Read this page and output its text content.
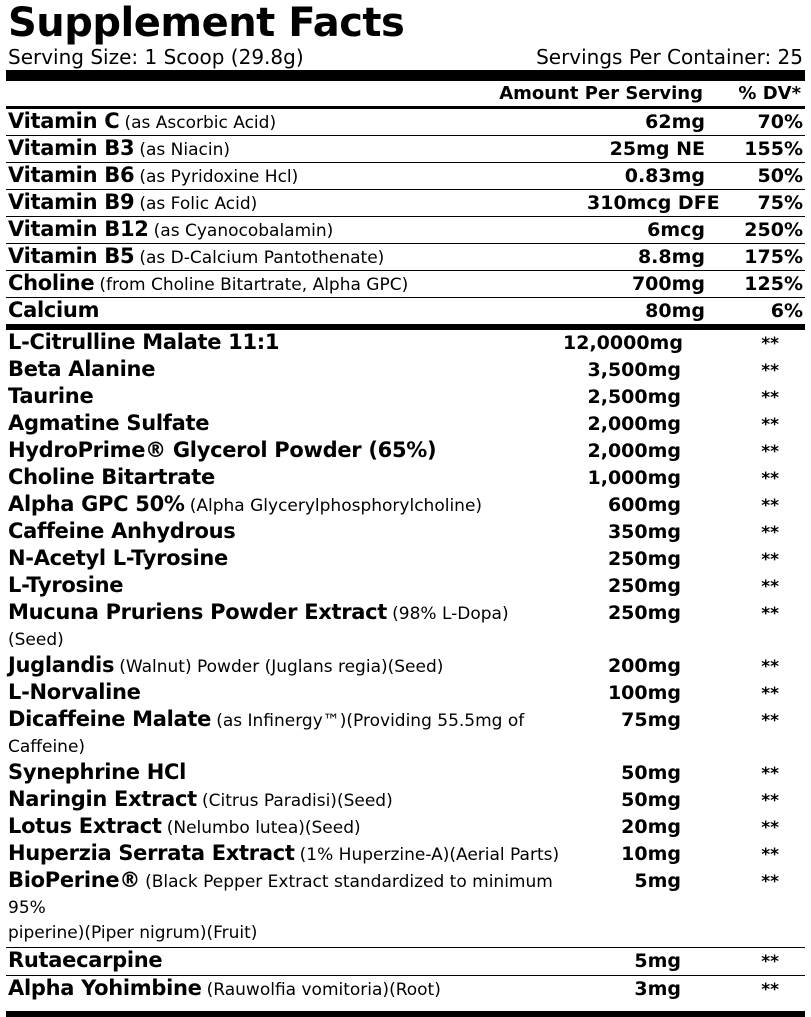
Supplement Facts
Serving Size: 1 Scoop (29.8g)	Servings Per Container: 25
Amount Per Serving	% DV*
Vitamin C (as Ascorbic Acid)	62mg	70%
Vitamin B3 (as Niacin)	25mg NE	155%
Vitamin B6 (as Pyridoxine Hcl)	0.83mg	50%
Vitamin B9 (as Folic Acid)	310mcg DFE	75%
Vitamin B12 (as Cyanocobalamin)	6mcg	250%
Vitamin B5 (as D-Calcium Pantothenate)	8.8mg	175%
Choline (from Choline Bitartrate, Alpha GPC)	700mg	125%
Calcium	80mg	6%
L-Citrulline Malate 11:1	12,0000mg	**
Beta Alanine	3,500mg	**
Taurine	2,500mg	**
Agmatine Sulfate	2,000mg	**
HydroPrime® Glycerol Powder (65%)	2,000mg	**
Choline Bitartrate	1,000mg	**
Alpha GPC 50% (Alpha Glycerylphosphorylcholine)	600mg	**
Caffeine Anhydrous	350mg	**
N-Acetyl L-Tyrosine	250mg	**
L-Tyrosine	250mg	**
Mucuna Pruriens Powder Extract (98% L-Dopa)(Seed)	250mg	**
Juglandis (Walnut) Powder (Juglans regia)(Seed)	200mg	**
L-Norvaline	100mg	**
Dicaffeine Malate (as Infinergy™)(Providing 55.5mg of Caffeine)	75mg	**
Synephrine HCl	50mg	**
Naringin Extract (Citrus Paradisi)(Seed)	50mg	**
Lotus Extract (Nelumbo lutea)(Seed)	20mg	**
Huperzia Serrata Extract (1% Huperzine-A)(Aerial Parts)	10mg	**
BioPerine® (Black Pepper Extract standardized to minimum 95%	5mg	**
piperine)(Piper nigrum)(Fruit)		
Rutaecarpine	5mg	**
Alpha Yohimbine (Rauwolfia vomitoria)(Root)	3mg	**
